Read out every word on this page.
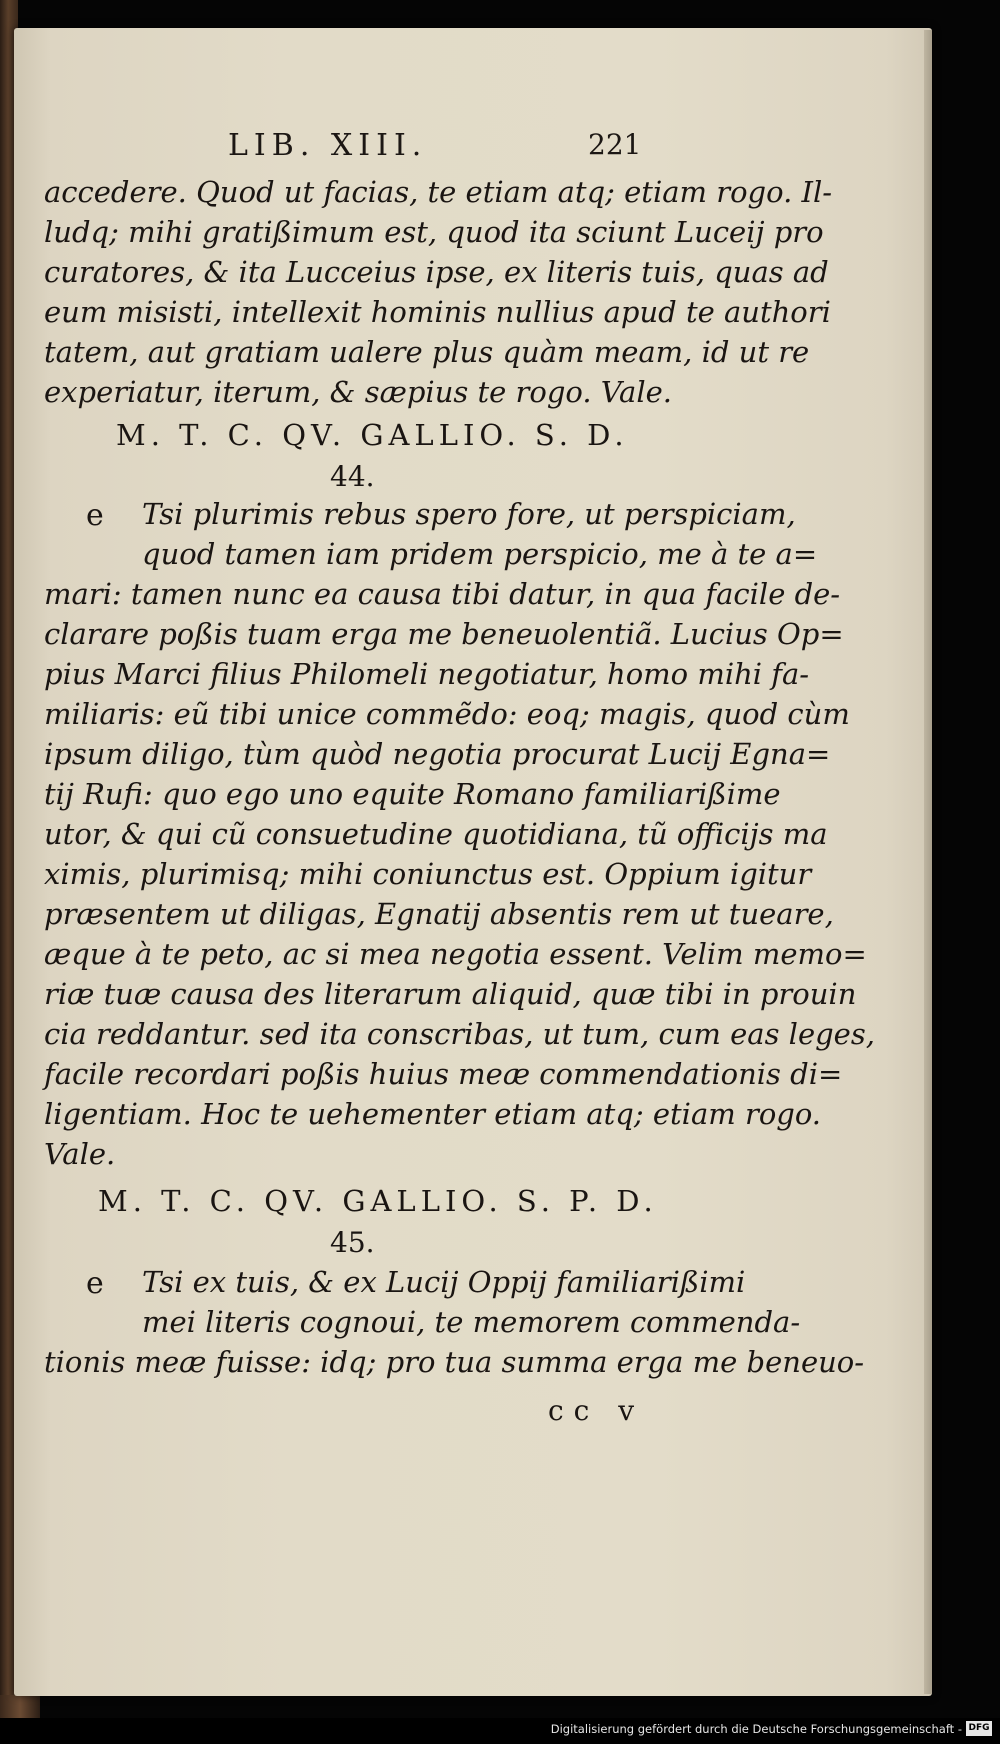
LIB. XIII.	221
accedere. Quod ut facias, te etiam atq; etiam rogo. Il-
ludq; mihi gratißimum est, quod ita sciunt Luceij pro
curatores, & ita Lucceius ipse, ex literis tuis, quas ad
eum misisti, intellexit hominis nullius apud te authori
tatem, aut gratiam ualere plus quàm meam, id ut re
experiatur, iterum, & sæpius te rogo. Vale.
M. T. C. QV. GALLIO. S. D.
44.
e Tsi plurimis rebus spero fore, ut perspiciam,
quod tamen iam pridem perspicio, me à te a=
mari: tamen nunc ea causa tibi datur, in qua facile de-
clarare poßis tuam erga me beneuolentiã. Lucius Op=
pius Marci filius Philomeli negotiatur, homo mihi fa-
miliaris: eũ tibi unice commẽdo: eoq; magis, quod cùm
ipsum diligo, tùm quòd negotia procurat Lucij Egna=
tij Rufi: quo ego uno equite Romano familiarißime
utor, & qui cũ consuetudine quotidiana, tũ officijs ma
ximis, plurimisq; mihi coniunctus est. Oppium igitur
præsentem ut diligas, Egnatij absentis rem ut tueare,
æque à te peto, ac si mea negotia essent. Velim memo=
riæ tuæ causa des literarum aliquid, quæ tibi in prouin
cia reddantur. sed ita conscribas, ut tum, cum eas leges,
facile recordari poßis huius meæ commendationis di=
ligentiam. Hoc te uehementer etiam atq; etiam rogo.
Vale.
M. T. C. QV. GALLIO. S. P. D.
45.
e Tsi ex tuis, & ex Lucij Oppij familiarißimi
mei literis cognoui, te memorem commenda-
tionis meæ fuisse: idq; pro tua summa erga me beneuo-
cc v
Digitalisierung gefördert durch die Deutsche Forschungsgemeinschaft - DFG
